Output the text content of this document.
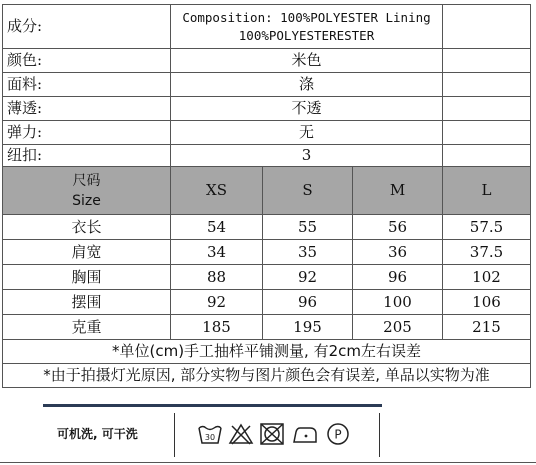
成分:	Composition: 100%POLYESTER Lining 100%POLYESTERESTER			
颜色:	米色			
面料:	涤			
薄透:	不透			
弹力:	无			
纽扣:	3			
尺码
Size	XS	S	M	L
衣长	54	55	56	57.5
肩宽	34	35	36	37.5
胸围	88	92	96	102
摆围	92	96	100	106
克重	185	195	205	215
*单位(cm)手工抽样平铺测量, 有2cm左右误差				
*由于拍摄灯光原因, 部分实物与图片颜色会有误差, 单品以实物为准				
可机洗, 可干洗	30	P
